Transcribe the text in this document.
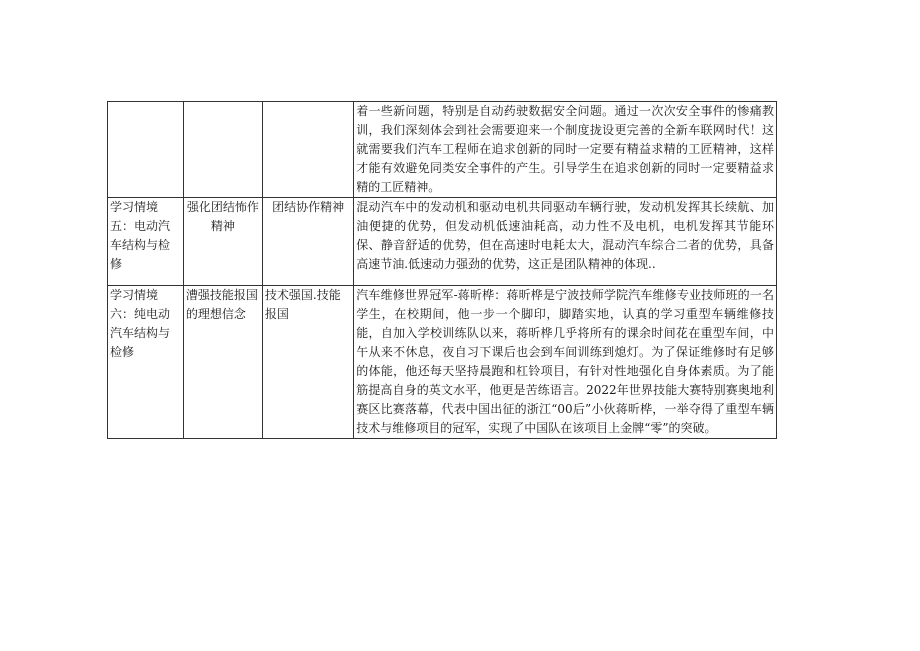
			着一些新问题，特别是自动药驶数据安全问题。通过一次次安全事件的惨痛教训，我们深刻体会到社会需要迎来一个制度拢设更完善的全新车联网时代！这就需要我们汽车工程师在追求创新的同时一定要有精益求精的工匠精神，这样才能有效避免同类安全事件的产生。引导学生在追求创新的同时一定要精益求精的工匠精神。

学习情境五：电动汽车结构与检修	强化团结怖作精神	团结协作精神	混动汽车中的发动机和驱动电机共同驱动车辆行驶，发动机发挥其长续航、加油便捷的优势，但发动机低速油耗高，动力性不及电机，电机发挥其节能环保、静音舒适的优势，但在高速时电耗太大，混动汽车综合二者的优势，具备高速节油.低速动力强劲的优势，这正是团队精神的体现..

学习情境六：纯电动汽车结构与检修	漕强技能报国的理想信念	技术强国.技能报国	汽车维修世界冠军-蒋昕桦：蒋昕桦是宁波技师学院汽车维修专业技师班的一名学生，在校期间，他一步一个脚印，脚踏实地，认真的学习重型车辆维修技能，自加入学校训练队以来，蒋昕桦几乎将所有的课余时间花在重型车间，中午从来不休息，夜自习下课后也会到车间训练到熄灯。为了保证维修时有足够的体能，他还每天坚持晨跑和杠铃项目，有针对性地强化自身体素质。为了能筋提高自身的英文水平，他更是苦练语言。2022年世界技能大赛特别赛奥地利赛区比赛落幕，代表中国出征的浙江“00后”小伙蒋昕桦，一举夺得了重型车辆技术与维修项目的冠军，实现了中国队在该项目上金牌“零”的突破。
